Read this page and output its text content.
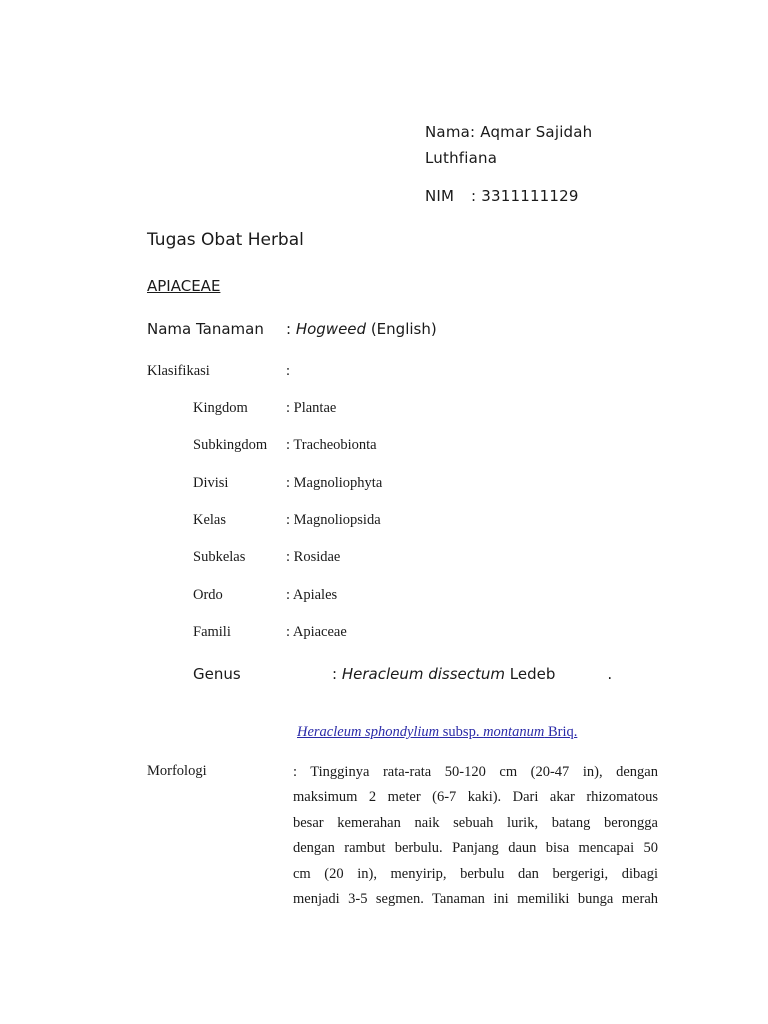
Nama: Aqmar Sajidah
Luthfiana
NIM : 3311111129
Tugas Obat Herbal
APIACEAE
Nama Tanaman : Hogweed (English)
Klasifikasi	:
Kingdom	: Plantae
Subkingdom : Tracheobionta
Divisi	: Magnoliophyta
Kelas	: Magnoliopsida
Subkelas	: Rosidae
Ordo	: Apiales
Famili	: Apiaceae
Genus	: Heracleum dissectum Ledeb	.
Heracleum sphondylium subsp. montanum Briq.
Morfologi	: Tingginya rata-rata 50-120 cm (20-47 in), dengan
maksimum 2 meter (6-7 kaki). Dari akar rhizomatous
besar kemerahan naik sebuah lurik, batang berongga
dengan rambut berbulu. Panjang daun bisa mencapai 50
cm (20 in), menyirip, berbulu dan bergerigi, dibagi
menjadi 3-5 segmen. Tanaman ini memiliki bunga merah
